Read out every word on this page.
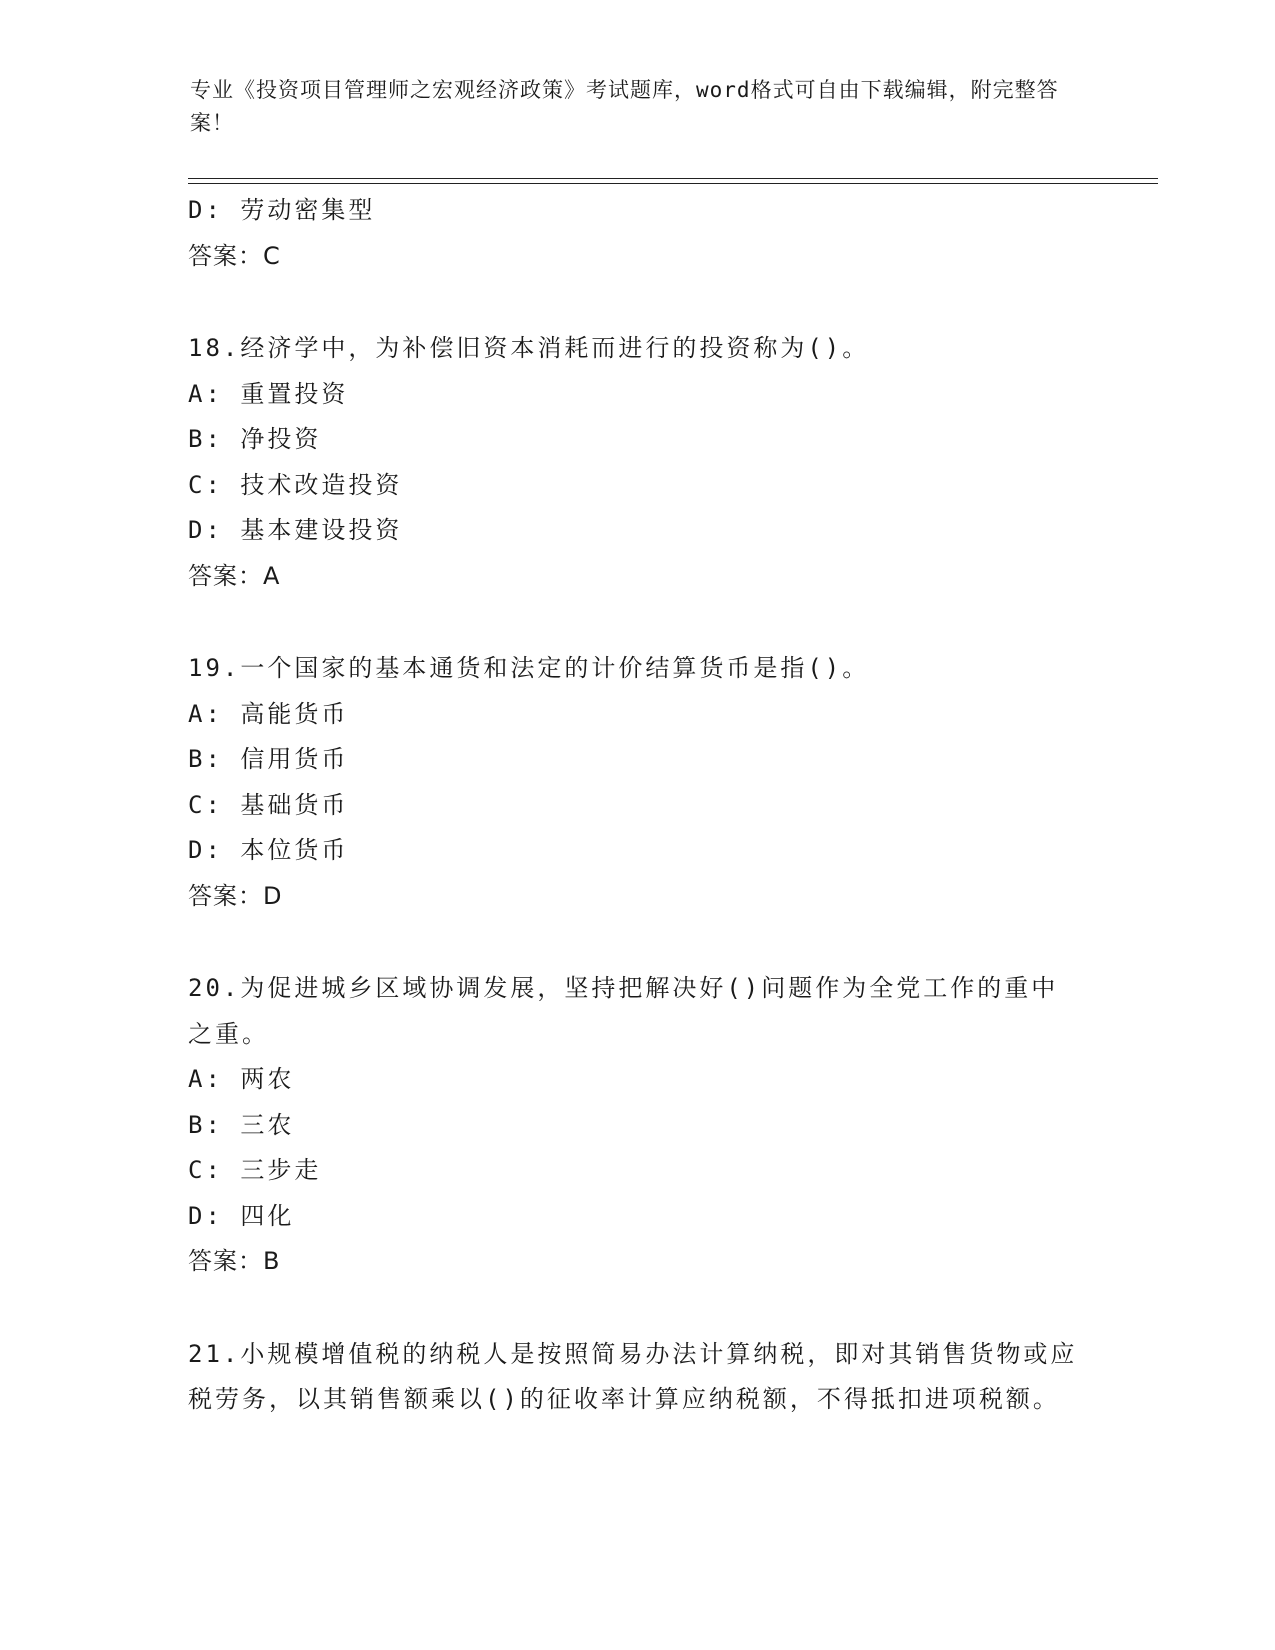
专业《投资项目管理师之宏观经济政策》考试题库，word格式可自由下载编辑，附完整答案！
D: 劳动密集型
答案：C
18.经济学中，为补偿旧资本消耗而进行的投资称为()。
A: 重置投资
B: 净投资
C: 技术改造投资
D: 基本建设投资
答案：A
19.一个国家的基本通货和法定的计价结算货币是指()。
A: 高能货币
B: 信用货币
C: 基础货币
D: 本位货币
答案：D
20.为促进城乡区域协调发展，坚持把解决好()问题作为全党工作的重中之重。
A: 两农
B: 三农
C: 三步走
D: 四化
答案：B
21.小规模增值税的纳税人是按照简易办法计算纳税，即对其销售货物或应税劳务，以其销售额乘以()的征收率计算应纳税额，不得抵扣进项税额。
